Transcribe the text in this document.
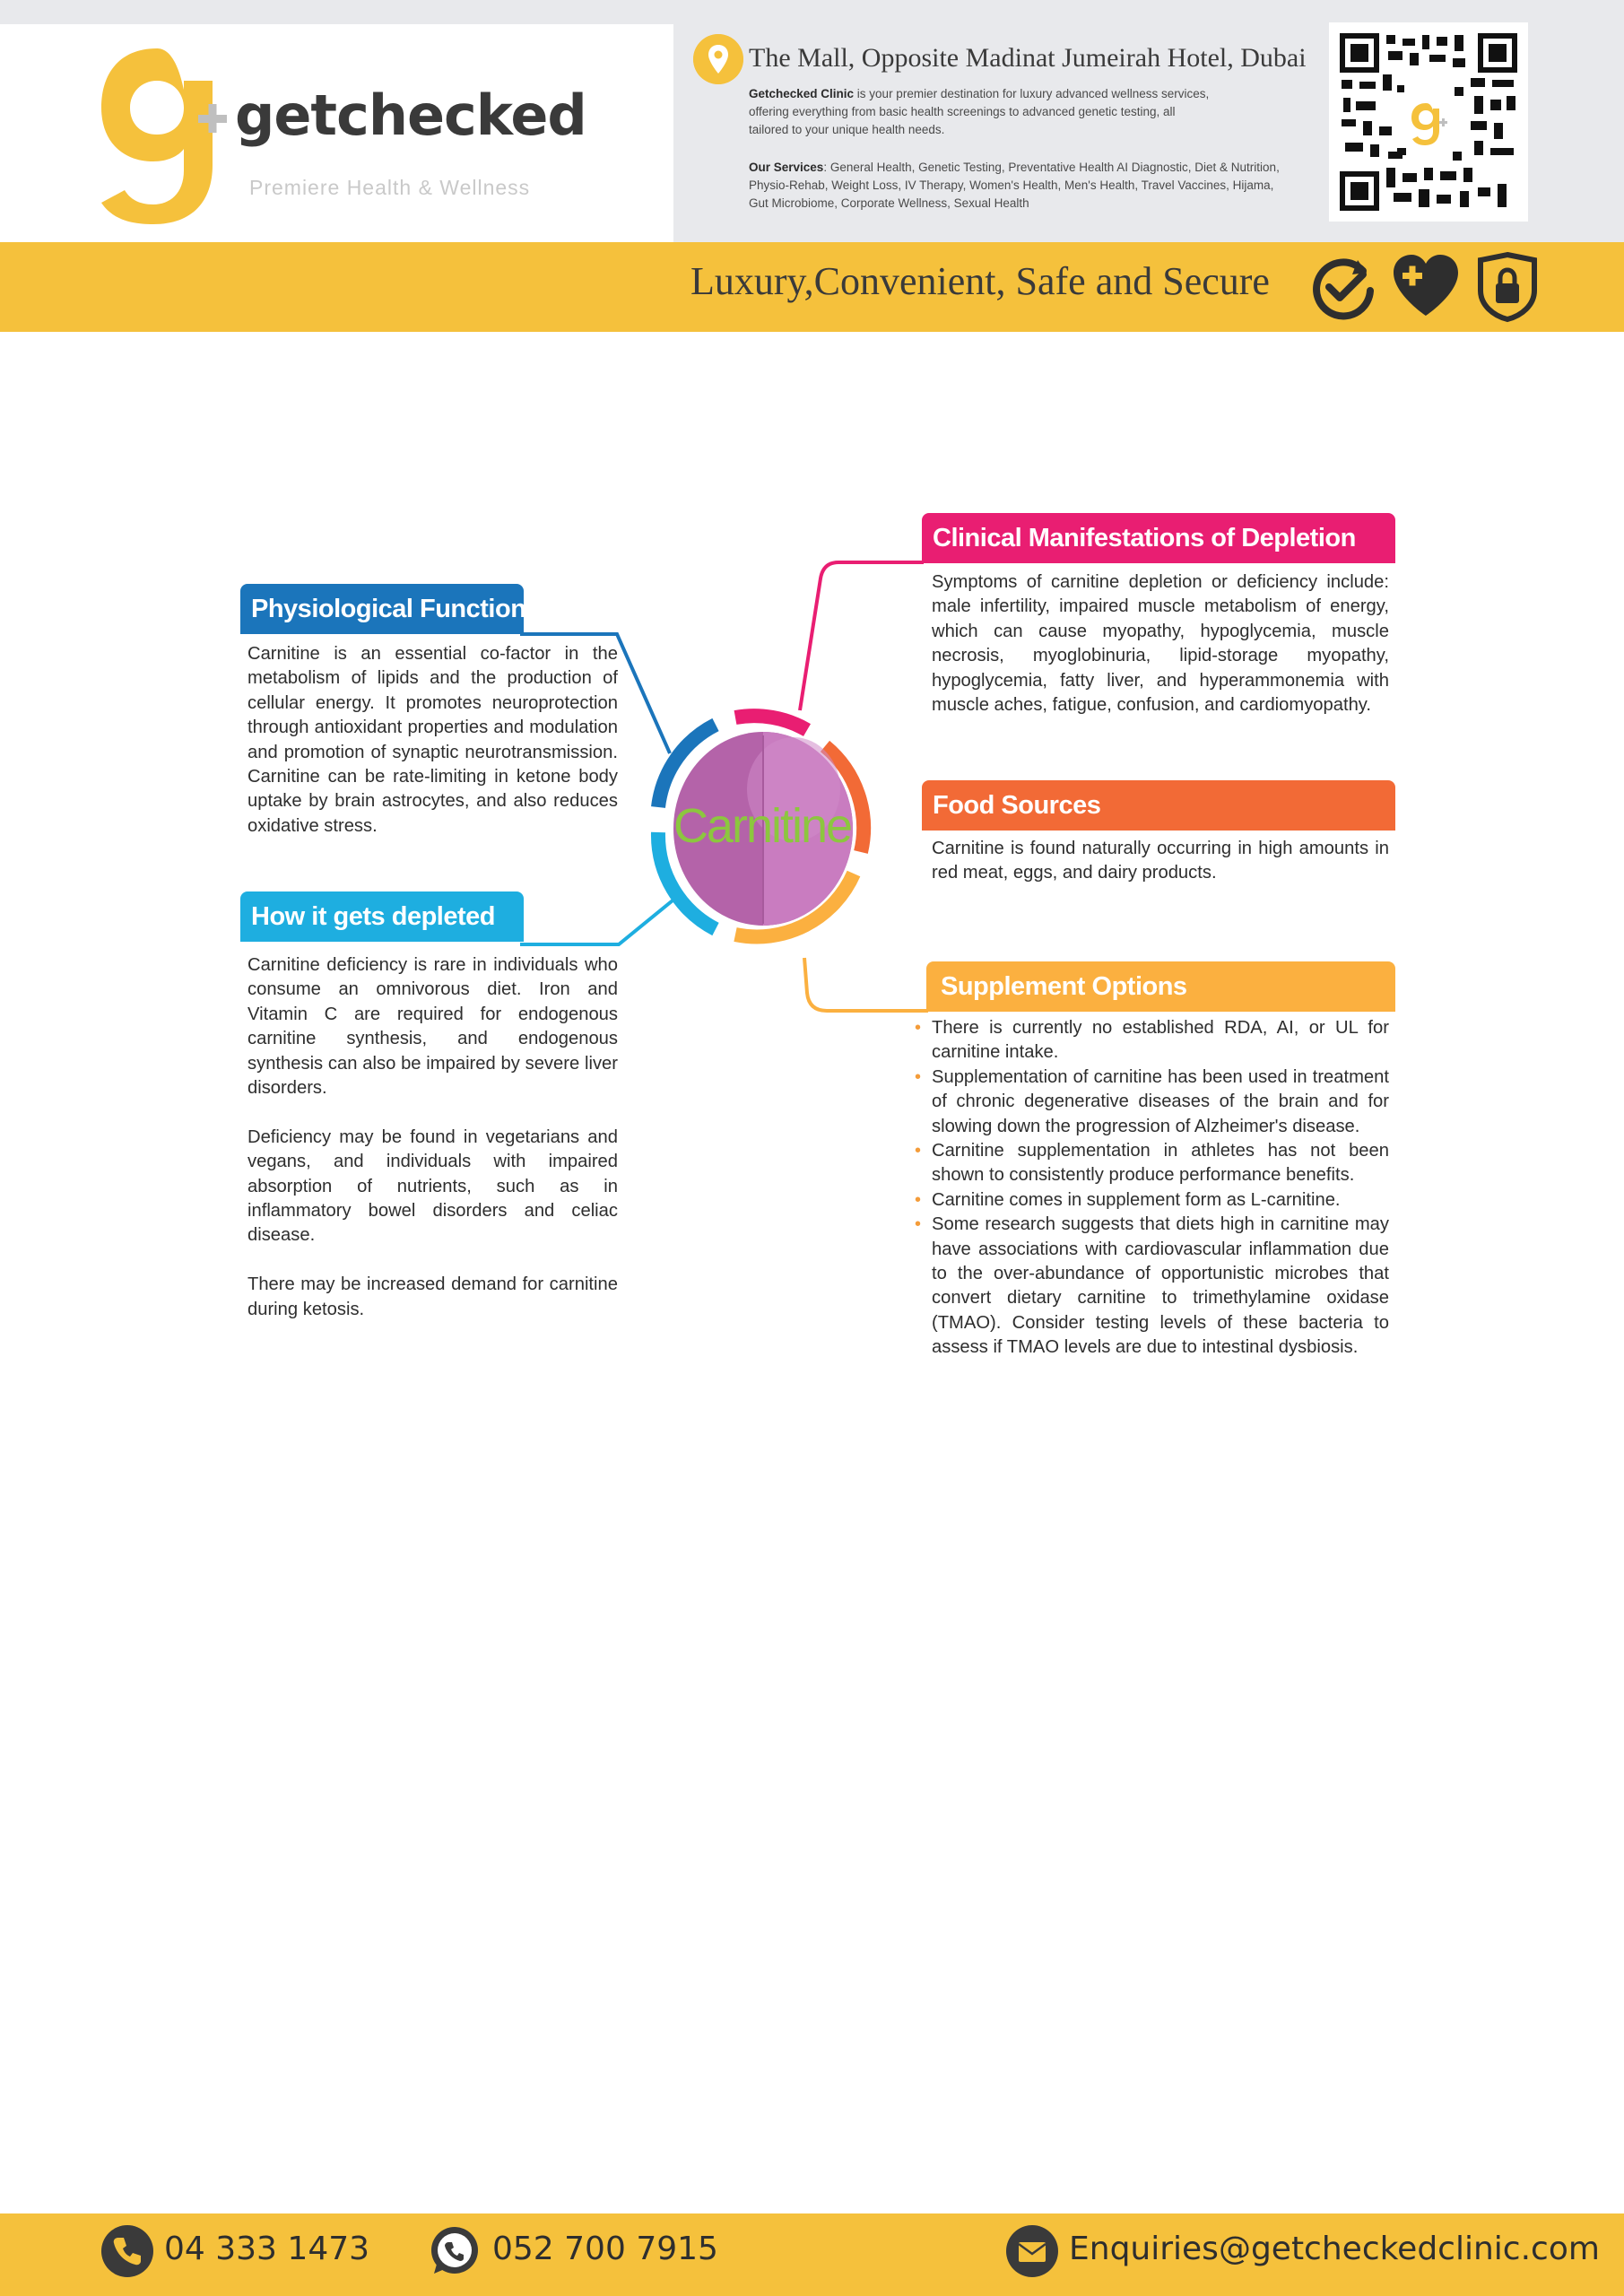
getchecked
Premiere Health & Wellness
The Mall, Opposite Madinat Jumeirah Hotel, Dubai
Getchecked Clinic is your premier destination for luxury advanced wellness services, offering everything from basic health screenings to advanced genetic testing, all tailored to your unique health needs.
Our Services: General Health, Genetic Testing, Preventative Health AI Diagnostic, Diet & Nutrition, Physio-Rehab, Weight Loss, IV Therapy, Women's Health, Men's Health, Travel Vaccines, Hijama, Gut Microbiome, Corporate Wellness, Sexual Health
Luxury,Convenient, Safe and Secure
Carnitine
Physiological Function

Carnitine is an essential co-factor in the metabolism of lipids and the production of cellular energy. It promotes neuroprotection through antioxidant properties and modulation and promotion of synaptic neurotransmission. Carnitine can be rate-limiting in ketone body uptake by brain astrocytes, and also reduces oxidative stress.

How it gets depleted

Carnitine deficiency is rare in individuals who consume an omnivorous diet. Iron and Vitamin C are required for endogenous carnitine synthesis, and endogenous synthesis can also be impaired by severe liver disorders.

Deficiency may be found in vegetarians and vegans, and individuals with impaired absorption of nutrients, such as in inflammatory bowel disorders and celiac disease.

There may be increased demand for carnitine during ketosis.

Clinical Manifestations of Depletion

Symptoms of carnitine depletion or deficiency include: male infertility, impaired muscle metabolism of energy, which can cause myopathy, hypoglycemia, muscle necrosis, myoglobinuria, lipid-storage myopathy, hypoglycemia, fatty liver, and hyperammonemia with muscle aches, fatigue, confusion, and cardiomyopathy.

Food Sources

Carnitine is found naturally occurring in high amounts in red meat, eggs, and dairy products.

Supplement Options
• There is currently no established RDA, AI, or UL for carnitine intake.
• Supplementation of carnitine has been used in treatment of chronic degenerative diseases of the brain and for slowing down the progression of Alzheimer's disease.
• Carnitine supplementation in athletes has not been shown to consistently produce performance benefits.
• Carnitine comes in supplement form as L-carnitine.
• Some research suggests that diets high in carnitine may have associations with cardiovascular inflammation due to the over-abundance of opportunistic microbes that convert dietary carnitine to trimethylamine oxidase (TMAO). Consider testing levels of these bacteria to assess if TMAO levels are due to intestinal dysbiosis.
04 333 1473	052 700 7915	Enquiries@getcheckedclinic.com
